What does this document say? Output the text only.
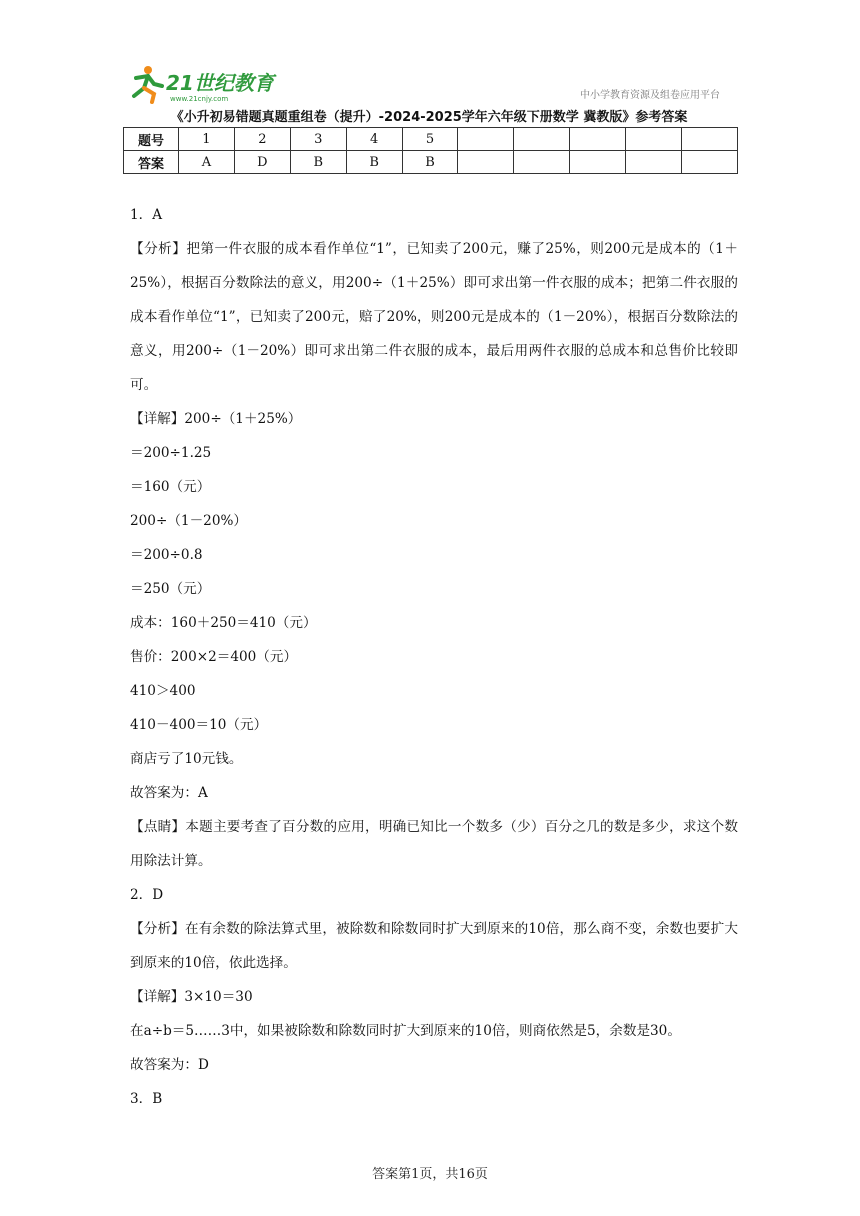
21世纪教育
www.21cnjy.com	中小学教育资源及组卷应用平台
《小升初易错题真题重组卷（提升）-2024-2025学年六年级下册数学 冀教版》参考答案
题号	1	2	3	4	5					
答案	A	D	B	B	B					

1．A

【分析】把第一件衣服的成本看作单位“1”，已知卖了200元，赚了25%，则200元是成本的（1＋25%），根据百分数除法的意义，用200÷（1＋25%）即可求出第一件衣服的成本；把第二件衣服的成本看作单位“1”，已知卖了200元，赔了20%，则200元是成本的（1－20%），根据百分数除法的意义，用200÷（1－20%）即可求出第二件衣服的成本，最后用两件衣服的总成本和总售价比较即可。

【详解】200÷（1＋25%）

＝200÷1.25

＝160（元）

200÷（1－20%）

＝200÷0.8

＝250（元）

成本：160＋250＝410（元）

售价：200×2＝400（元）

410＞400

410－400＝10（元）

商店亏了10元钱。

故答案为：A

【点睛】本题主要考查了百分数的应用，明确已知比一个数多（少）百分之几的数是多少，求这个数用除法计算。

2．D

【分析】在有余数的除法算式里，被除数和除数同时扩大到原来的10倍，那么商不变，余数也要扩大到原来的10倍，依此选择。

【详解】3×10＝30

在a÷b＝5……3中，如果被除数和除数同时扩大到原来的10倍，则商依然是5，余数是30。

故答案为：D

3．B

答案第1页，共16页
